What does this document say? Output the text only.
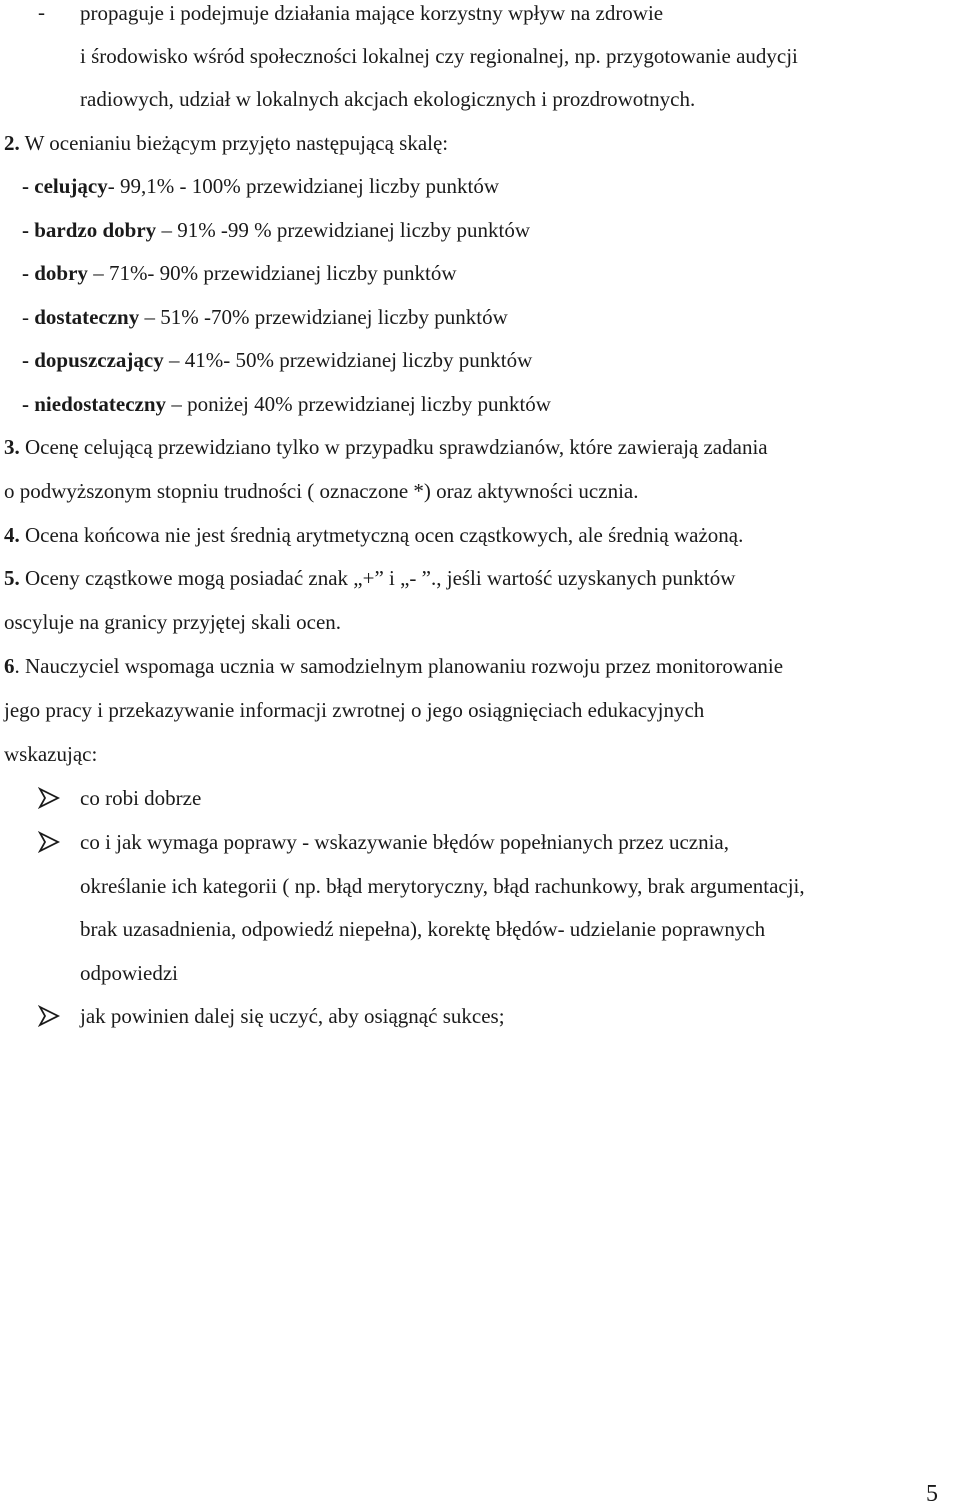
- propaguje i podejmuje działania mające korzystny wpływ na zdrowie
i środowisko wśród społeczności lokalnej czy regionalnej, np. przygotowanie audycji
radiowych, udział w lokalnych akcjach ekologicznych i prozdrowotnych.
2. W ocenianiu bieżącym przyjęto następującą skalę:
- celujący- 99,1% - 100% przewidzianej liczby punktów
- bardzo dobry – 91% -99 % przewidzianej liczby punktów
- dobry – 71%- 90% przewidzianej liczby punktów
- dostateczny – 51% -70% przewidzianej liczby punktów
- dopuszczający – 41%- 50% przewidzianej liczby punktów
- niedostateczny – poniżej 40% przewidzianej liczby punktów
3. Ocenę celującą przewidziano tylko w przypadku sprawdzianów, które zawierają zadania
o podwyższonym stopniu trudności ( oznaczone *) oraz aktywności ucznia.
4. Ocena końcowa nie jest średnią arytmetyczną ocen cząstkowych, ale średnią ważoną.
5. Oceny cząstkowe mogą posiadać znak „+” i „- ”., jeśli wartość uzyskanych punktów
oscyluje na granicy przyjętej skali ocen.
6. Nauczyciel wspomaga ucznia w samodzielnym planowaniu rozwoju przez monitorowanie
jego pracy i przekazywanie informacji zwrotnej o jego osiągnięciach edukacyjnych
wskazując:
co robi dobrze
co i jak wymaga poprawy - wskazywanie błędów popełnianych przez ucznia,
określanie ich kategorii ( np. błąd merytoryczny, błąd rachunkowy, brak argumentacji,
brak uzasadnienia, odpowiedź niepełna), korektę błędów- udzielanie poprawnych
odpowiedzi
jak powinien dalej się uczyć, aby osiągnąć sukces;
5
